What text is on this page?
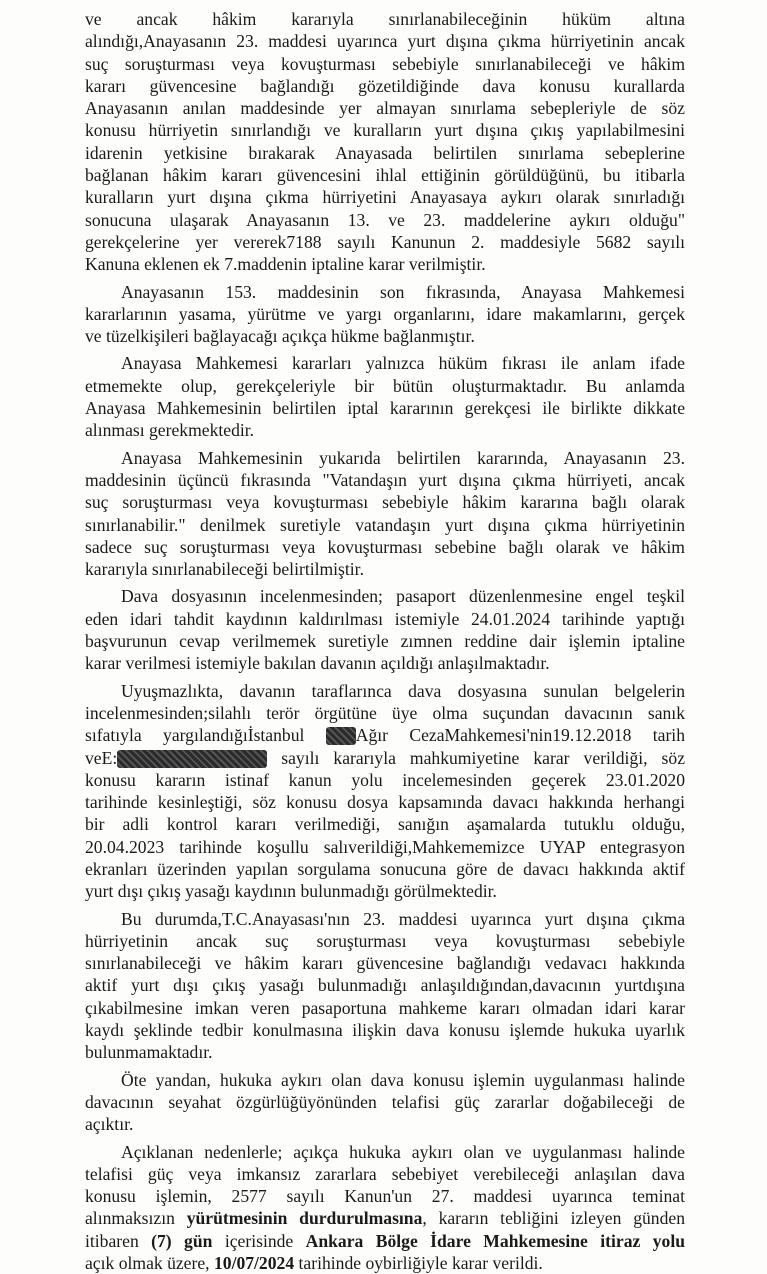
ve ancak hâkim kararıyla sınırlanabileceğinin hüküm altına
alındığı,Anayasanın 23. maddesi uyarınca yurt dışına çıkma hürriyetinin ancak
suç soruşturması veya kovuşturması sebebiyle sınırlanabileceği ve hâkim
kararı güvencesine bağlandığı gözetildiğinde dava konusu kurallarda
Anayasanın anılan maddesinde yer almayan sınırlama sebepleriyle de söz
konusu hürriyetin sınırlandığı ve kuralların yurt dışına çıkış yapılabilmesini
idarenin yetkisine bırakarak Anayasada belirtilen sınırlama sebeplerine
bağlanan hâkim kararı güvencesini ihlal ettiğinin görüldüğünü, bu itibarla
kuralların yurt dışına çıkma hürriyetini Anayasaya aykırı olarak sınırladığı
sonucuna ulaşarak Anayasanın 13. ve 23. maddelerine aykırı olduğu"
gerekçelerine yer vererek7188 sayılı Kanunun 2. maddesiyle 5682 sayılı
Kanuna eklenen ek 7.maddenin iptaline karar verilmiştir.
Anayasanın 153. maddesinin son fıkrasında, Anayasa Mahkemesi
kararlarının yasama, yürütme ve yargı organlarını, idare makamlarını, gerçek
ve tüzelkişileri bağlayacağı açıkça hükme bağlanmıştır.
Anayasa Mahkemesi kararları yalnızca hüküm fıkrası ile anlam ifade
etmemekte olup, gerekçeleriyle bir bütün oluşturmaktadır. Bu anlamda
Anayasa Mahkemesinin belirtilen iptal kararının gerekçesi ile birlikte dikkate
alınması gerekmektedir.
Anayasa Mahkemesinin yukarıda belirtilen kararında, Anayasanın 23.
maddesinin üçüncü fıkrasında "Vatandaşın yurt dışına çıkma hürriyeti, ancak
suç soruşturması veya kovuşturması sebebiyle hâkim kararına bağlı olarak
sınırlanabilir." denilmek suretiyle vatandaşın yurt dışına çıkma hürriyetinin
sadece suç soruşturması veya kovuşturması sebebine bağlı olarak ve hâkim
kararıyla sınırlanabileceği belirtilmiştir.
Dava dosyasının incelenmesinden; pasaport düzenlenmesine engel teşkil
eden idari tahdit kaydının kaldırılması istemiyle 24.01.2024 tarihinde yaptığı
başvurunun cevap verilmemek suretiyle zımnen reddine dair işlemin iptaline
karar verilmesi istemiyle bakılan davanın açıldığı anlaşılmaktadır.
Uyuşmazlıkta, davanın taraflarınca dava dosyasına sunulan belgelerin
incelenmesinden;silahlı terör örgütüne üye olma suçundan davacının sanık
sıfatıyla yargılandığıİstanbul Ağır CezaMahkemesi'nin19.12.2018 tarih
veE:	sayılı kararıyla mahkumiyetine karar verildiği, söz
konusu kararın istinaf kanun yolu incelemesinden geçerek 23.01.2020
tarihinde kesinleştiği, söz konusu dosya kapsamında davacı hakkında herhangi
bir adli kontrol kararı verilmediği, sanığın aşamalarda tutuklu olduğu,
20.04.2023 tarihinde koşullu salıverildiği,Mahkememizce UYAP entegrasyon
ekranları üzerinden yapılan sorgulama sonucuna göre de davacı hakkında aktif
yurt dışı çıkış yasağı kaydının bulunmadığı görülmektedir.
Bu durumda,T.C.Anayasası'nın 23. maddesi uyarınca yurt dışına çıkma
hürriyetinin ancak suç soruşturması veya kovuşturması sebebiyle
sınırlanabileceği ve hâkim kararı güvencesine bağlandığı vedavacı hakkında
aktif yurt dışı çıkış yasağı bulunmadığı anlaşıldığından,davacının yurtdışına
çıkabilmesine imkan veren pasaportuna mahkeme kararı olmadan idari karar
kaydı şeklinde tedbir konulmasına ilişkin dava konusu işlemde hukuka uyarlık
bulunmamaktadır.
Öte yandan, hukuka aykırı olan dava konusu işlemin uygulanması halinde
davacının seyahat özgürlüğüyönünden telafisi güç zararlar doğabileceği de
açıktır.
Açıklanan nedenlerle; açıkça hukuka aykırı olan ve uygulanması halinde
telafisi güç veya imkansız zararlara sebebiyet verebileceği anlaşılan dava
konusu işlemin, 2577 sayılı Kanun'un 27. maddesi uyarınca teminat
alınmaksızın yürütmesinin durdurulmasına, kararın tebliğini izleyen günden
itibaren (7) gün içerisinde Ankara Bölge İdare Mahkemesine itiraz yolu
açık olmak üzere, 10/07/2024 tarihinde oybirliğiyle karar verildi.
